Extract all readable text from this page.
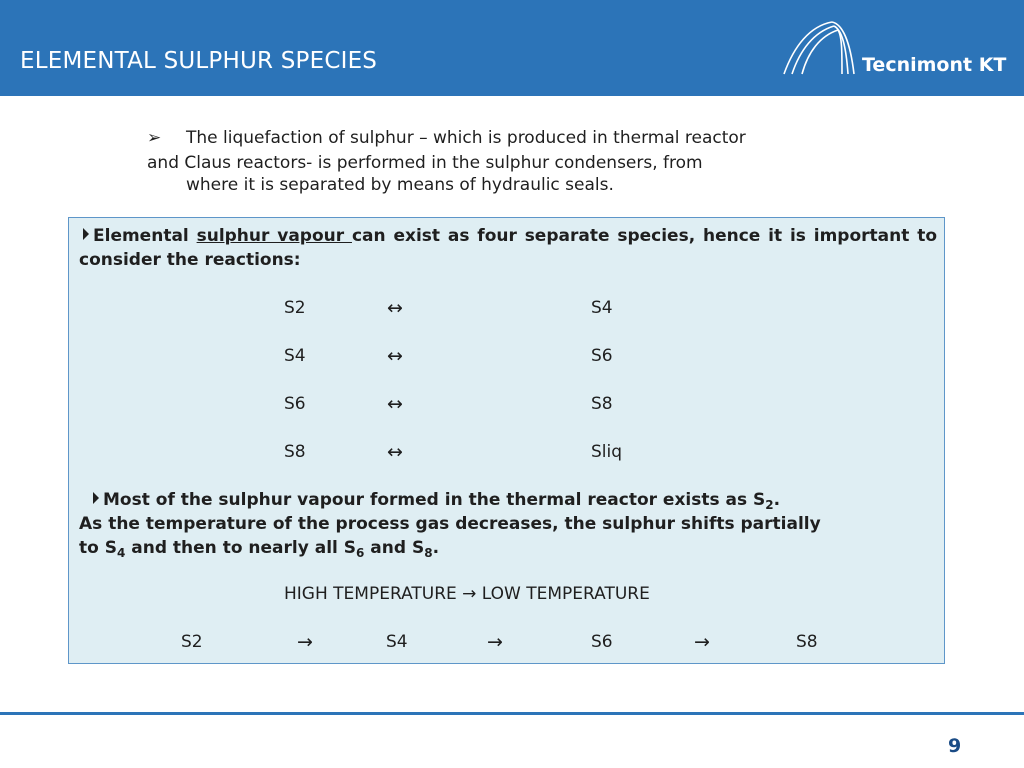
ELEMENTAL SULPHUR SPECIES	Tecnimont KT
➢ The liquefaction of sulphur – which is produced in thermal reactor
and Claus reactors- is performed in the sulphur condensers, from
where it is separated by means of hydraulic seals.
Elemental sulphur vapour can exist as four separate species, hence it is important to consider the reactions:
S2	↔	S4
S4	↔	S6
S6	↔	S8
S8	↔	Sliq
Most of the sulphur vapour formed in the thermal reactor exists as $S_2$.
As the temperature of the process gas decreases, the sulphur shifts partially
to $S_4$ and then to nearly all $S_6$ and $S_8$.
HIGH TEMPERATURE → LOW TEMPERATURE
S2	→	S4	→	S6	→	S8
9
